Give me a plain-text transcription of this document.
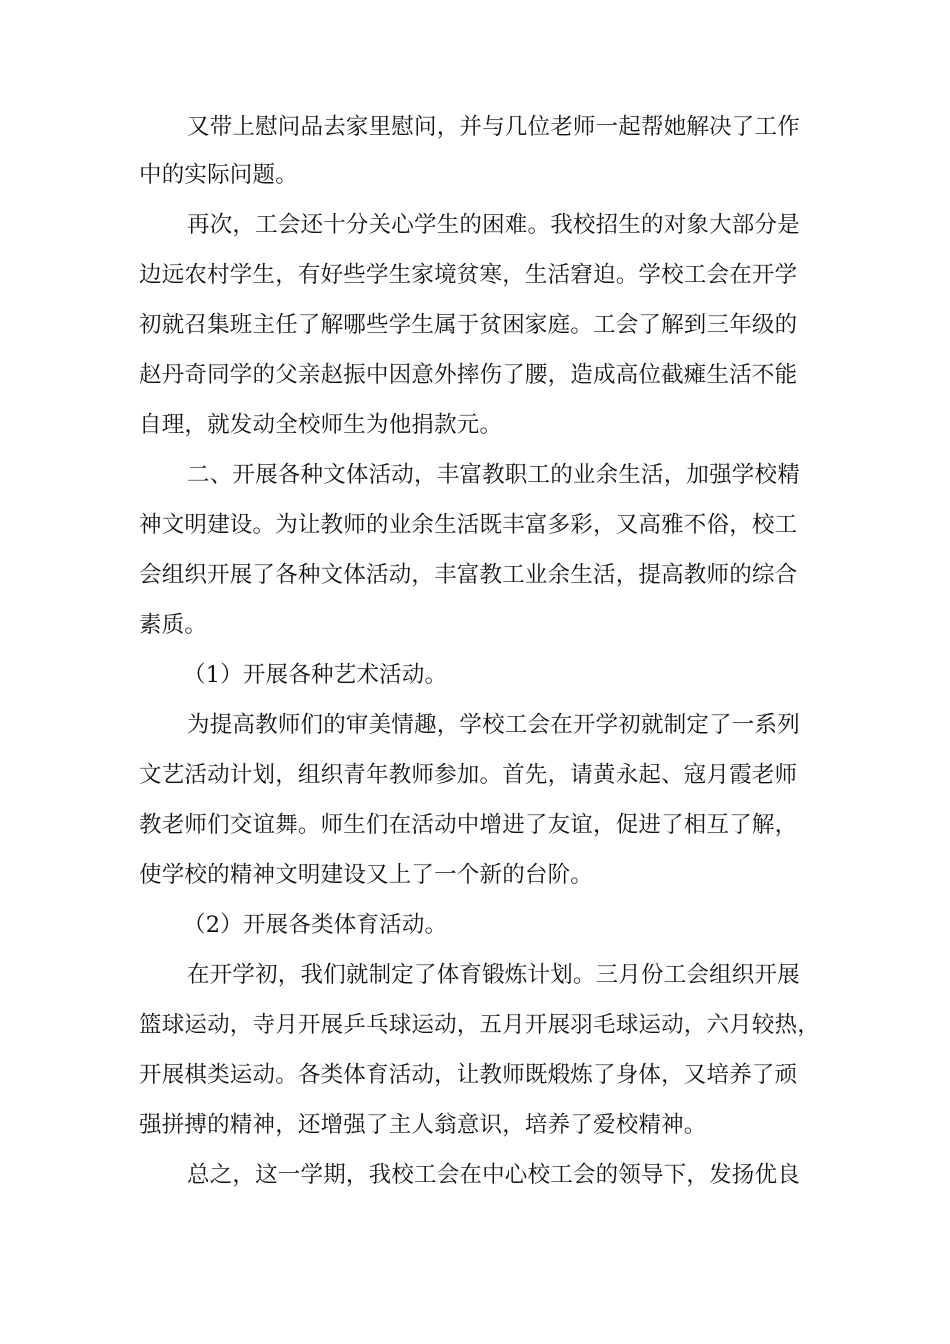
又带上慰问品去家里慰问，并与几位老师一起帮她解决了工作
中的实际问题。
再次，工会还十分关心学生的困难。我校招生的对象大部分是
边远农村学生，有好些学生家境贫寒，生活窘迫。学校工会在开学
初就召集班主任了解哪些学生属于贫困家庭。工会了解到三年级的
赵丹奇同学的父亲赵振中因意外摔伤了腰，造成高位截瘫生活不能
自理，就发动全校师生为他捐款元。
二、开展各种文体活动，丰富教职工的业余生活，加强学校精
神文明建设。为让教师的业余生活既丰富多彩，又高雅不俗，校工
会组织开展了各种文体活动，丰富教工业余生活，提高教师的综合
素质。
（1）开展各种艺术活动。
为提高教师们的审美情趣，学校工会在开学初就制定了一系列
文艺活动计划，组织青年教师参加。首先，请黄永起、寇月霞老师
教老师们交谊舞。师生们在活动中增进了友谊，促进了相互了解，
使学校的精神文明建设又上了一个新的台阶。
（2）开展各类体育活动。
在开学初，我们就制定了体育锻炼计划。三月份工会组织开展
篮球运动，寺月开展乒乓球运动，五月开展羽毛球运动，六月较热，
开展棋类运动。各类体育活动，让教师既煅炼了身体，又培养了顽
强拼搏的精神，还增强了主人翁意识，培养了爱校精神。
总之，这一学期，我校工会在中心校工会的领导下，发扬优良
